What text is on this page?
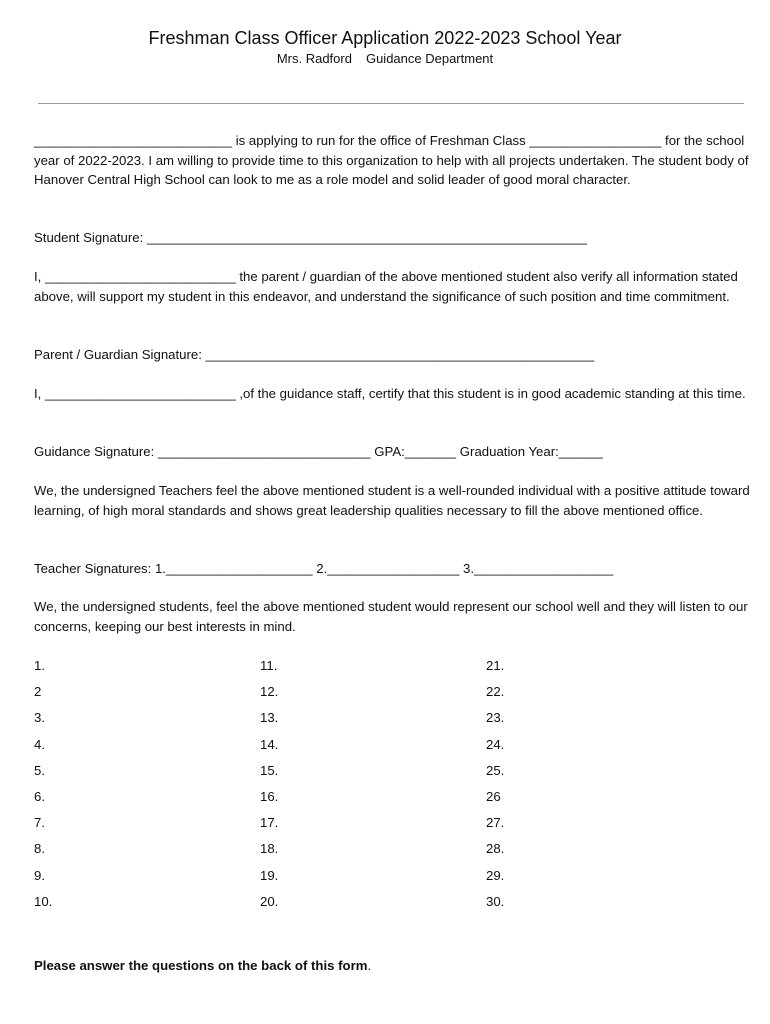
Freshman Class Officer Application 2022-2023 School Year
Mrs. Radford Guidance Department
___________________________ is applying to run for the office of Freshman Class __________________ for the school year of 2022-2023. I am willing to provide time to this organization to help with all projects undertaken. The student body of Hanover Central High School can look to me as a role model and solid leader of good moral character.
Student Signature: ____________________________________________________________
I, __________________________ the parent / guardian of the above mentioned student also verify all information stated above, will support my student in this endeavor, and understand the significance of such position and time commitment.
Parent / Guardian Signature: _____________________________________________________
I, __________________________ ,of the guidance staff, certify that this student is in good academic standing at this time.
Guidance Signature: _____________________________ GPA:_______ Graduation Year:______
We, the undersigned Teachers feel the above mentioned student is a well-rounded individual with a positive attitude toward learning, of high moral standards and shows great leadership qualities necessary to fill the above mentioned office.
Teacher Signatures: 1.____________________ 2.__________________ 3.___________________
We, the undersigned students, feel the above mentioned student would represent our school well and they will listen to our concerns, keeping our best interests in mind.
1.
2
3.
4.
5.
6.
7.
8.
9.
10.
11.
12.
13.
14.
15.
16.
17.
18.
19.
20.
21.
22.
23.
24.
25.
26
27.
28.
29.
30.
Please answer the questions on the back of this form.
